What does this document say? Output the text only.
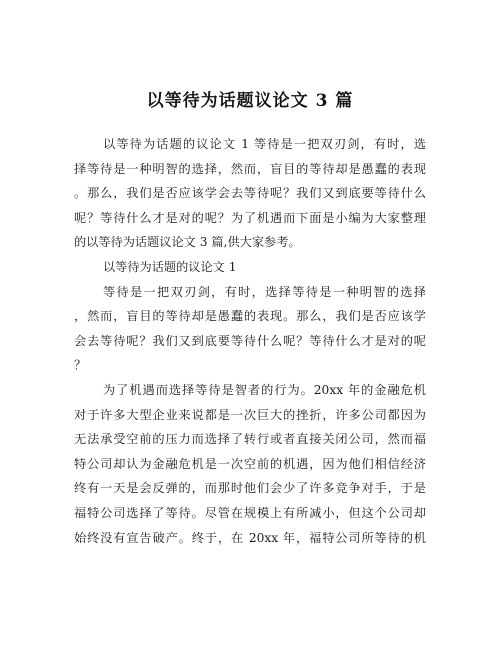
以等待为话题议论文 3 篇
以等待为话题的议论文 1 等待是一把双刃剑，有时，选
择等待是一种明智的选择，然而，盲目的等待却是愚蠢的表现
。那么，我们是否应该学会去等待呢？我们又到底要等待什么
呢？等待什么才是对的呢？为了机遇而下面是小编为大家整理
的以等待为话题议论文 3 篇,供大家参考。
以等待为话题的议论文 1
等待是一把双刃剑，有时，选择等待是一种明智的选择
，然而，盲目的等待却是愚蠢的表现。那么，我们是否应该学
会去等待呢？我们又到底要等待什么呢？等待什么才是对的呢
？
为了机遇而选择等待是智者的行为。20xx 年的金融危机
对于许多大型企业来说都是一次巨大的挫折，许多公司都因为
无法承受空前的压力而选择了转行或者直接关闭公司，然而福
特公司却认为金融危机是一次空前的机遇，因为他们相信经济
终有一天是会反弹的，而那时他们会少了许多竞争对手，于是
福特公司选择了等待。尽管在规模上有所减小，但这个公司却
始终没有宣告破产。终于，在 20xx 年，福特公司所等待的机
